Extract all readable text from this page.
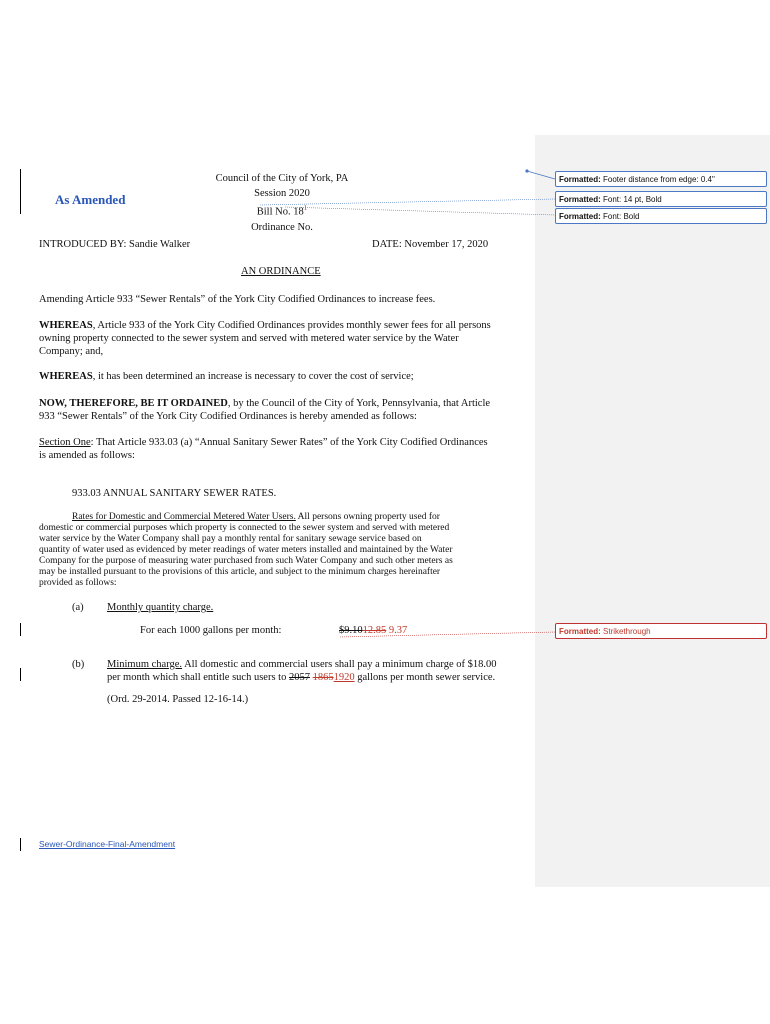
Formatted: Footer distance from edge: 0.4"
Formatted: Font: 14 pt, Bold
Formatted: Font: Bold
Formatted: Strikethrough
As Amended
Council of the City of York, PA
Session 2020
Bill No. $18^1$
Ordinance No.
INTRODUCED BY: Sandie Walker	DATE: November 17, 2020
AN ORDINANCE
Amending Article 933 “Sewer Rentals” of the York City Codified Ordinances to increase fees.
WHEREAS, Article 933 of the York City Codified Ordinances provides monthly sewer fees for all persons
owning property connected to the sewer system and served with metered water service by the Water
Company; and,
WHEREAS, it has been determined an increase is necessary to cover the cost of service;
NOW, THEREFORE, BE IT ORDAINED, by the Council of the City of York, Pennsylvania, that Article
933 “Sewer Rentals” of the York City Codified Ordinances is hereby amended as follows:
Section One: That Article 933.03 (a) “Annual Sanitary Sewer Rates” of the York City Codified Ordinances
is amended as follows:
933.03 ANNUAL SANITARY SEWER RATES.
Rates for Domestic and Commercial Metered Water Users. All persons owning property used for
domestic or commercial purposes which property is connected to the sewer system and served with metered
water service by the Water Company shall pay a monthly rental for sanitary sewage service based on
quantity of water used as evidenced by meter readings of water meters installed and maintained by the Water
Company for the purpose of measuring water purchased from such Water Company and such other meters as
may be installed pursuant to the provisions of this article, and subject to the minimum charges hereinafter
provided as follows:
(a) Monthly quantity charge.
For each 1000 gallons per month:	$9.1012.85 9.37
(b) Minimum charge. All domestic and commercial users shall pay a minimum charge of $18.00
per month which shall entitle such users to 2057 18651920 gallons per month sewer service.
(Ord. 29-2014. Passed 12-16-14.)
Sewer-Ordinance-Final-Amendment
